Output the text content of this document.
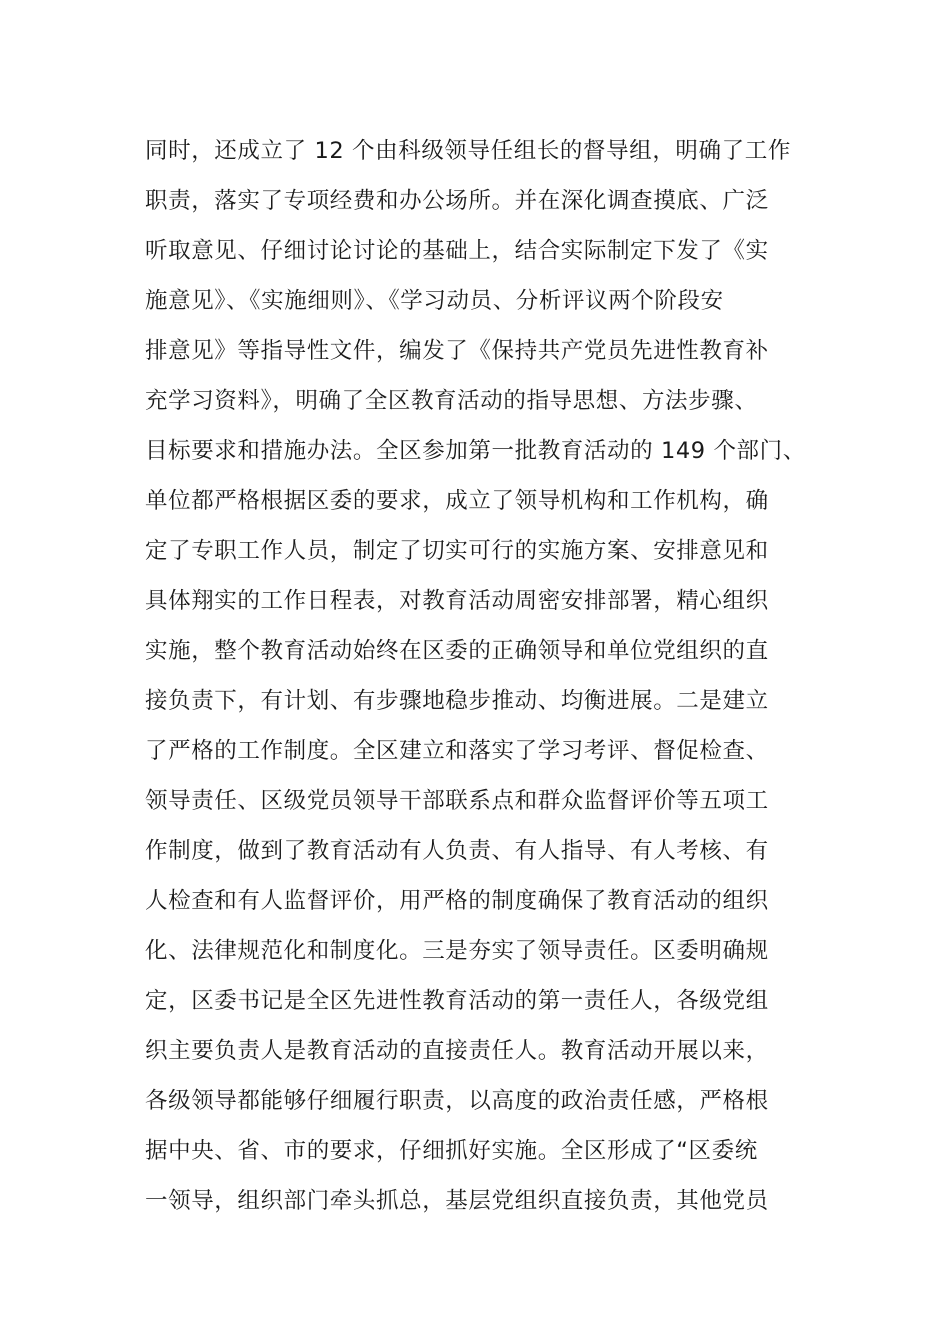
同时，还成立了 12 个由科级领导任组长的督导组，明确了工作
职责，落实了专项经费和办公场所。并在深化调查摸底、广泛
听取意见、仔细讨论讨论的基础上，结合实际制定下发了《实
施意见》、《实施细则》、《学习动员、分析评议两个阶段安
排意见》等指导性文件，编发了《保持共产党员先进性教育补
充学习资料》，明确了全区教育活动的指导思想、方法步骤、
目标要求和措施办法。全区参加第一批教育活动的 149 个部门、
单位都严格根据区委的要求，成立了领导机构和工作机构，确
定了专职工作人员，制定了切实可行的实施方案、安排意见和
具体翔实的工作日程表，对教育活动周密安排部署，精心组织
实施，整个教育活动始终在区委的正确领导和单位党组织的直
接负责下，有计划、有步骤地稳步推动、均衡进展。二是建立
了严格的工作制度。全区建立和落实了学习考评、督促检查、
领导责任、区级党员领导干部联系点和群众监督评价等五项工
作制度，做到了教育活动有人负责、有人指导、有人考核、有
人检查和有人监督评价，用严格的制度确保了教育活动的组织
化、法律规范化和制度化。三是夯实了领导责任。区委明确规
定，区委书记是全区先进性教育活动的第一责任人，各级党组
织主要负责人是教育活动的直接责任人。教育活动开展以来，
各级领导都能够仔细履行职责，以高度的政治责任感，严格根
据中央、省、市的要求，仔细抓好实施。全区形成了“区委统
一领导，组织部门牵头抓总，基层党组织直接负责，其他党员
